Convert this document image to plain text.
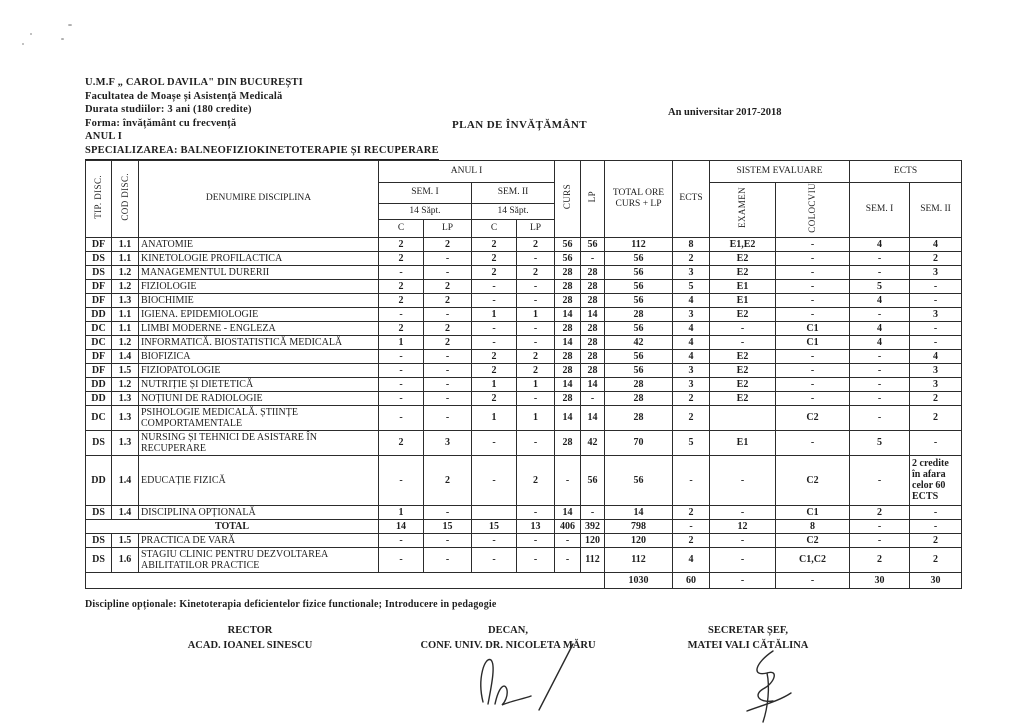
U.M.F „ CAROL DAVILA" DIN BUCUREȘTI
Facultatea de Moașe și Asistență Medicală
Durata studiilor: 3 ani (180 credite)
Forma: învățământ cu frecvență
ANUL I
SPECIALIZAREA: BALNEOFIZIOKINETOTERAPIE ȘI RECUPERARE
PLAN DE ÎNVĂȚĂMÂNT
An universitar 2017-2018
TIP. DISC.	COD DISC.	DENUMIRE DISCIPLINA	ANUL I				CURS	LP	TOTAL ORE CURS + LP	ECTS	SISTEM EVALUARE		ECTS	
			SEM. I		SEM. II						EXAMEN	COLOCVIU	SEM. I	SEM. II
			14 Săpt.		14 Săpt.									
			C	LP	C	LP								
DF	1.1	ANATOMIE	2	2	2	2	56	56	112	8	E1,E2	-	4	4
DS	1.1	KINETOLOGIE PROFILACTICA	2	-	2	-	56	-	56	2	E2	-	-	2
DS	1.2	MANAGEMENTUL DURERII	-	-	2	2	28	28	56	3	E2	-	-	3
DF	1.2	FIZIOLOGIE	2	2	-	-	28	28	56	5	E1	-	5	-
DF	1.3	BIOCHIMIE	2	2	-	-	28	28	56	4	E1	-	4	-
DD	1.1	IGIENA. EPIDEMIOLOGIE	-	-	1	1	14	14	28	3	E2	-	-	3
DC	1.1	LIMBI MODERNE - ENGLEZA	2	2	-	-	28	28	56	4	-	C1	4	-
DC	1.2	INFORMATICĂ. BIOSTATISTICĂ MEDICALĂ	1	2	-	-	14	28	42	4	-	C1	4	-
DF	1.4	BIOFIZICA	-	-	2	2	28	28	56	4	E2	-	-	4
DF	1.5	FIZIOPATOLOGIE	-	-	2	2	28	28	56	3	E2	-	-	3
DD	1.2	NUTRIȚIE ȘI DIETETICĂ	-	-	1	1	14	14	28	3	E2	-	-	3
DD	1.3	NOȚIUNI DE RADIOLOGIE	-	-	2	-	28	-	28	2	E2	-	-	2
DC	1.3	PSIHOLOGIE MEDICALĂ. ȘTIINȚE COMPORTAMENTALE	-	-	1	1	14	14	28	2		C2	-	2
DS	1.3	NURSING ȘI TEHNICI DE ASISTARE ÎN RECUPERARE	2	3	-	-	28	42	70	5	E1	-	5	-
DD	1.4	EDUCAȚIE FIZICĂ	-	2	-	2	-	56	56	-	-	C2	-	2 credite în afara celor 60 ECTS
DS	1.4	DISCIPLINA OPȚIONALĂ	1	-		-	14	-	14	2	-	C1	2	-
TOTAL			14	15	15	13	406	392	798	-	12	8	-	-
DS	1.5	PRACTICA DE VARĂ	-	-	-	-	-	120	120	2	-	C2	-	2
DS	1.6	STAGIU CLINIC PENTRU DEZVOLTAREA ABILITATILOR PRACTICE	-	-	-	-	-	112	112	4	-	C1,C2	2	2
									1030	60	-	-	30	30
Discipline opționale: Kinetoterapia deficientelor fizice functionale; Introducere in pedagogie
RECTOR
ACAD. IOANEL SINESCU
DECAN,
CONF. UNIV. DR. NICOLETA MĂRU
SECRETAR ȘEF,
MATEI VALI CĂTĂLINA
